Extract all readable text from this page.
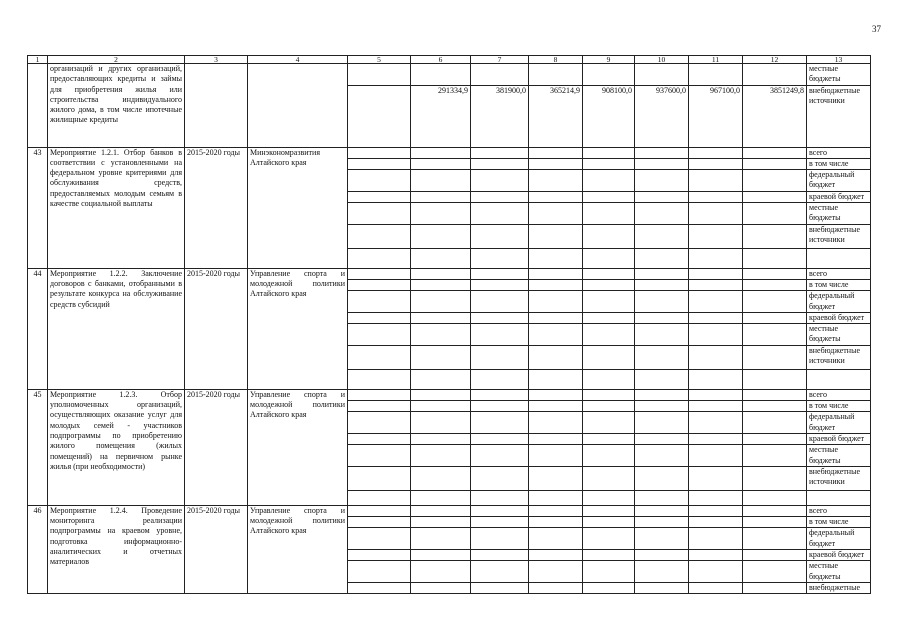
37
1	2	3	4	5	6	7	8	9	10	11	12	13
	организаций и других организаций, предоставляющих кредиты и займы для приобретения жилья или строительства индивидуального жилого дома, в том числе ипотечные жилищные кредиты											местные бюджеты
					291334,9	381900,0	365214,9	908100,0	937600,0	967100,0	3851249,8	внебюджетные источники
43	Мероприятие 1.2.1. Отбор банков в соответствии с установленными на федеральном уровне критериями для обслуживания средств, предоставляемых молодым семьям в качестве социальной выплаты	2015-2020 годы	Минэкономразвития Алтайского края									всего
												в том числе
												федеральный бюджет
												краевой бюджет
												местные бюджеты
												внебюджетные источники

44	Мероприятие 1.2.2. Заключение договоров с банками, отобранными в результате конкурса на обслуживание средств субсидий	2015-2020 годы	Управление спорта и молодежной политики Алтайского края									всего
												в том числе
												федеральный бюджет
												краевой бюджет
												местные бюджеты
												внебюджетные источники

45	Мероприятие 1.2.3. Отбор уполномоченных организаций, осуществляющих оказание услуг для молодых семей - участников подпрограммы по приобретению жилого помещения (жилых помещений) на первичном рынке жилья (при необходимости)	2015-2020 годы	Управление спорта и молодежной политики Алтайского края									всего
												в том числе
												федеральный бюджет
												краевой бюджет
												местные бюджеты
												внебюджетные источники

46	Мероприятие 1.2.4. Проведение мониторинга реализации подпрограммы на краевом уровне, подготовка информационно-аналитических и отчетных материалов	2015-2020 годы	Управление спорта и молодежной политики Алтайского края									всего
												в том числе
												федеральный бюджет
												краевой бюджет
												местные бюджеты
												внебюджетные
